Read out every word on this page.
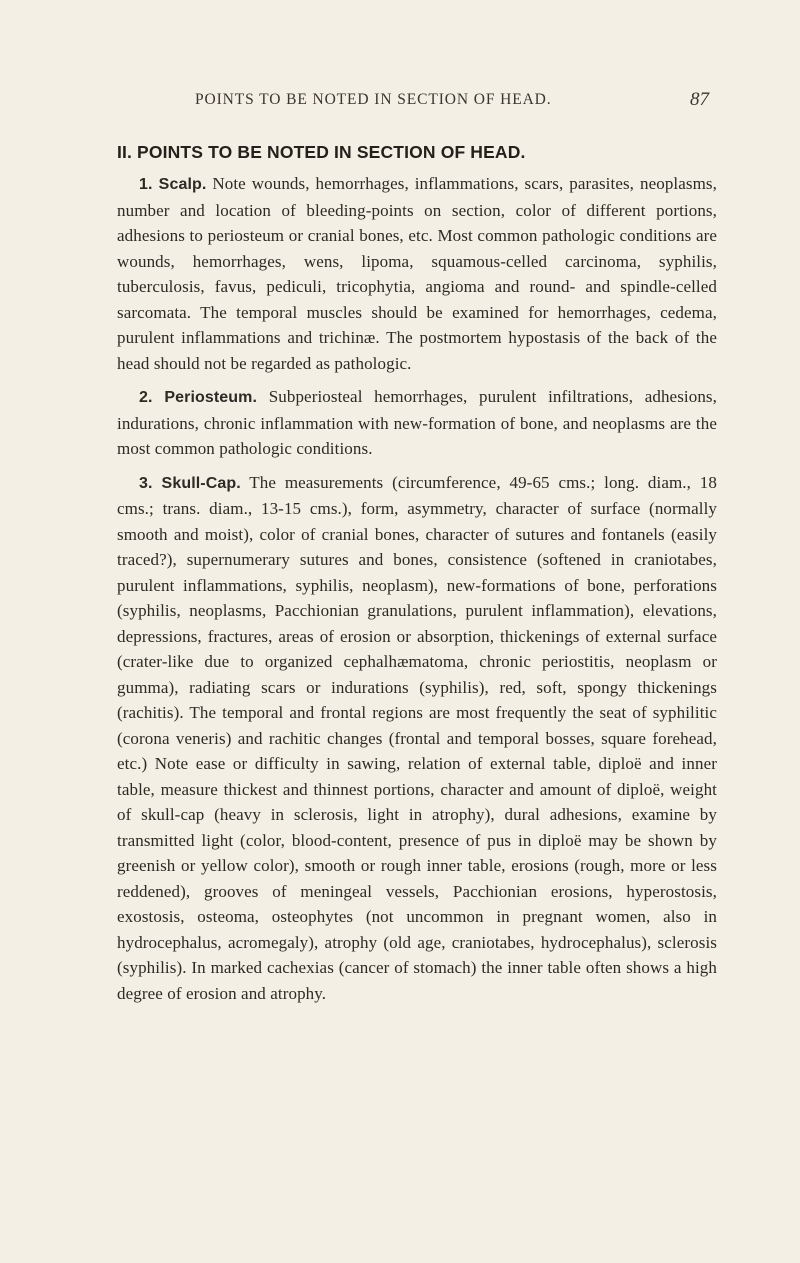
POINTS TO BE NOTED IN SECTION OF HEAD.	87
II. POINTS TO BE NOTED IN SECTION OF HEAD.

1. Scalp. Note wounds, hemorrhages, inflammations, scars, parasites, neoplasms, number and location of bleeding-points on section, color of different portions, adhesions to periosteum or cranial bones, etc. Most common pathologic conditions are wounds, hemorrhages, wens, lipoma, squamous-celled carcinoma, syphilis, tuberculosis, favus, pediculi, tricophytia, angioma and round- and spindle-celled sarcomata. The temporal muscles should be examined for hemorrhages, cedema, purulent inflammations and trichinæ. The postmortem hypostasis of the back of the head should not be regarded as pathologic.

2. Periosteum. Subperiosteal hemorrhages, purulent infiltrations, adhesions, indurations, chronic inflammation with new-formation of bone, and neoplasms are the most common pathologic conditions.

3. Skull-Cap. The measurements (circumference, 49-65 cms.; long. diam., 18 cms.; trans. diam., 13-15 cms.), form, asymmetry, character of surface (normally smooth and moist), color of cranial bones, character of sutures and fontanels (easily traced?), supernumerary sutures and bones, consistence (softened in craniotabes, purulent inflammations, syphilis, neoplasm), new-formations of bone, perforations (syphilis, neoplasms, Pacchionian granulations, purulent inflammation), elevations, depressions, fractures, areas of erosion or absorption, thickenings of external surface (crater-like due to organized cephalhæmatoma, chronic periostitis, neoplasm or gumma), radiating scars or indurations (syphilis), red, soft, spongy thickenings (rachitis). The temporal and frontal regions are most frequently the seat of syphilitic (corona veneris) and rachitic changes (frontal and temporal bosses, square forehead, etc.) Note ease or difficulty in sawing, relation of external table, diploë and inner table, measure thickest and thinnest portions, character and amount of diploë, weight of skull-cap (heavy in sclerosis, light in atrophy), dural adhesions, examine by transmitted light (color, blood-content, presence of pus in diploë may be shown by greenish or yellow color), smooth or rough inner table, erosions (rough, more or less reddened), grooves of meningeal vessels, Pacchionian erosions, hyperostosis, exostosis, osteoma, osteophytes (not uncommon in pregnant women, also in hydrocephalus, acromegaly), atrophy (old age, craniotabes, hydrocephalus), sclerosis (syphilis). In marked cachexias (cancer of stomach) the inner table often shows a high degree of erosion and atrophy.
